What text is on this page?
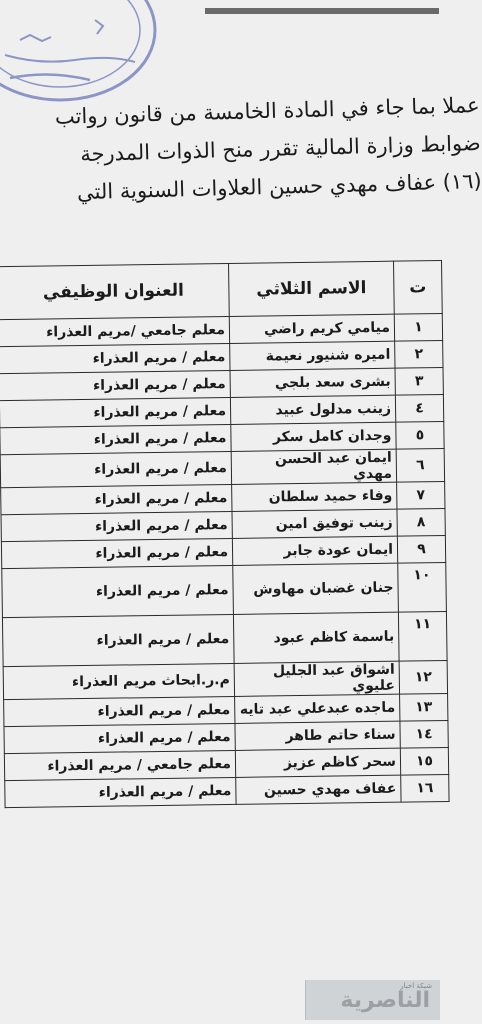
عملا بما جاء في المادة الخامسة من قانون رواتب
ضوابط وزارة المالية تقرر منح الذوات المدرجة
(١٦) عفاف مهدي حسين العلاوات السنوية التي
ت	الاسم الثلاثي	العنوان الوظيفي
١	ميامي كريم راضي	معلم جامعي /مريم العذراء
٢	اميره شنيور نعيمة	معلم / مريم العذراء
٣	بشرى سعد بلجي	معلم / مريم العذراء
٤	زينب مدلول عبيد	معلم / مريم العذراء
٥	وجدان كامل سكر	معلم / مريم العذراء
٦	ايمان عبد الحسن مهدي	معلم / مريم العذراء
٧	وفاء حميد سلطان	معلم / مريم العذراء
٨	زينب توفيق امين	معلم / مريم العذراء
٩	ايمان عودة جابر	معلم / مريم العذراء
١٠	جنان غضبان مهاوش	معلم / مريم العذراء
١١	باسمة كاظم عبود	معلم / مريم العذراء
١٢	اشواق عبد الجليل عليوي	م.ر.ابحاث مريم العذراء
١٣	ماجده عبدعلي عبد تايه	معلم / مريم العذراء
١٤	سناء حاتم طاهر	معلم / مريم العذراء
١٥	سحر كاظم عزيز	معلم جامعي / مريم العذراء
١٦	عفاف مهدي حسين	معلم / مريم العذراء
شبكة اخبار
الناصرية
